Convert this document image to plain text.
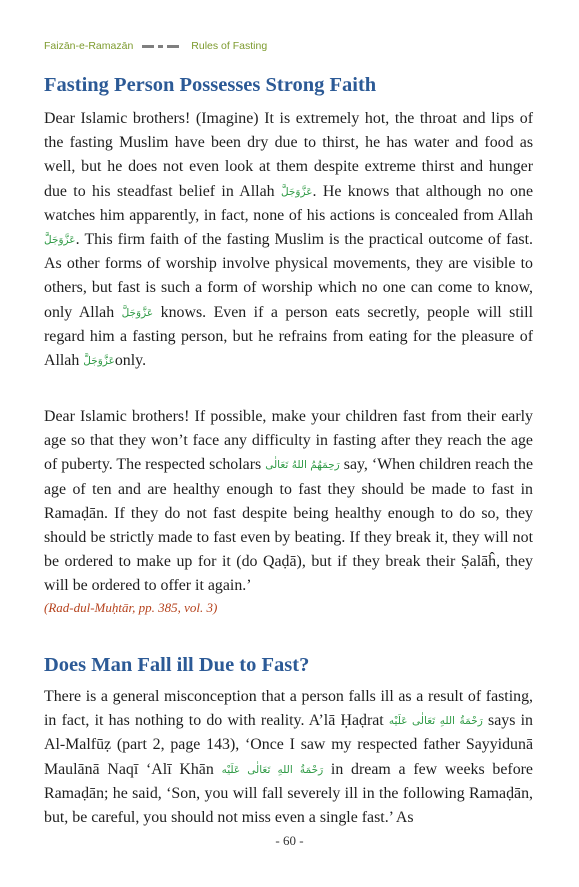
Faizān-e-Ramazān	Rules of Fasting
Fasting Person Possesses Strong Faith

Dear Islamic brothers! (Imagine) It is extremely hot, the throat and lips of the fasting Muslim have been dry due to thirst, he has water and food as well, but he does not even look at them despite extreme thirst and hunger due to his steadfast belief in Allah عَزَّوَجَلَّ. He knows that although no one watches him apparently, in fact, none of his actions is concealed from Allah عَزَّوَجَلَّ. This firm faith of the fasting Muslim is the practical outcome of fast. As other forms of worship involve physical movements, they are visible to others, but fast is such a form of worship which no one can come to know, only Allah عَزَّوَجَلَّ knows. Even if a person eats secretly, people will still regard him a fasting person, but he refrains from eating for the pleasure of Allah عَزَّوَجَلَّonly.

Dear Islamic brothers! If possible, make your children fast from their early age so that they won’t face any difficulty in fasting after they reach the age of puberty. The respected scholars رَحِمَهُمُ اللهُ تَعَالٰی say, ‘When children reach the age of ten and are healthy enough to fast they should be made to fast in Ramaḍān. If they do not fast despite being healthy enough to do so, they should be strictly made to fast even by beating. If they break it, they will not be ordered to make up for it (do Qaḍā), but if they break their Ṣalāĥ, they will be ordered to offer it again.’

(Rad-dul-Muḥtār, pp. 385, vol. 3)

Does Man Fall ill Due to Fast?

There is a general misconception that a person falls ill as a result of fasting, in fact, it has nothing to do with reality. A’lā Ḥaḍrat رَحْمَةُ اللهِ تَعَالٰی عَلَيْه says in Al-Malfūẓ (part 2, page 143), ‘Once I saw my respected father Sayyidunā Maulānā Naqī ‘Alī Khān رَحْمَةُ اللهِ تَعَالٰی عَلَيْه in dream a few weeks before Ramaḍān; he said, ‘Son, you will fall severely ill in the following Ramaḍān, but, be careful, you should not miss even a single fast.’ As

- 60 -
